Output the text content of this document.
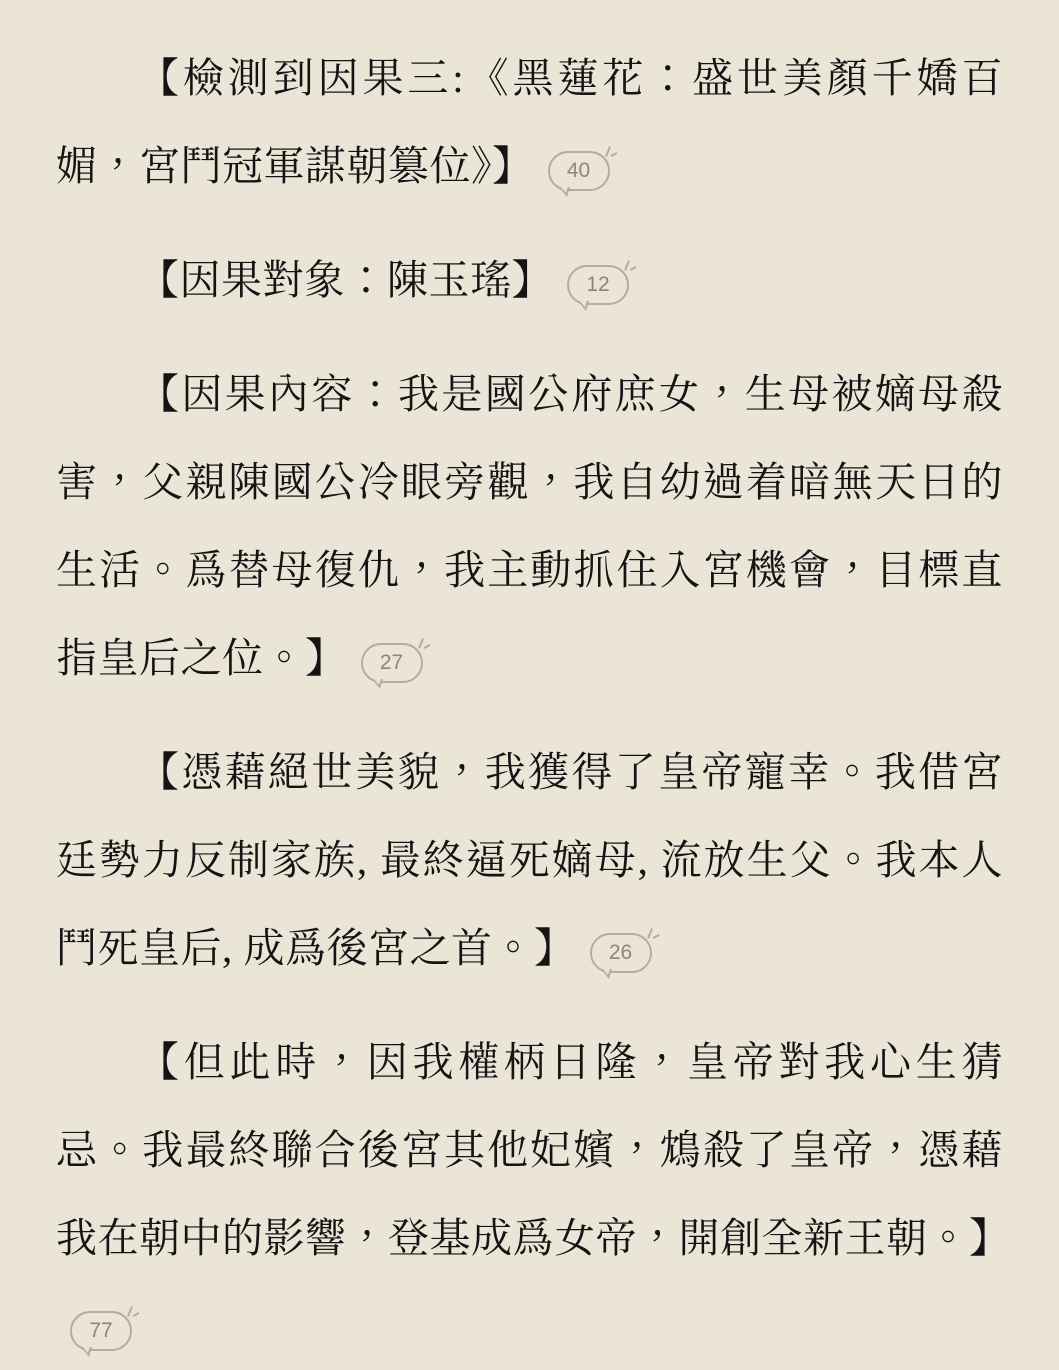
【檢測到因果三:《黑蓮花：盛世美顏千嬌百媚，宮鬥冠軍謀朝篡位》】 40

【因果對象：陳玉瑤】 12

【因果內容：我是國公府庶女，生母被嫡母殺害，父親陳國公冷眼旁觀，我自幼過着暗無天日的生活。爲替母復仇，我主動抓住入宮機會，目標直指皇后之位。】 27

【憑藉絕世美貌，我獲得了皇帝寵幸。我借宮廷勢力反制家族, 最終逼死嫡母, 流放生父。我本人鬥死皇后, 成爲後宮之首。】 26

【但此時，因我權柄日隆，皇帝對我心生猜忌。我最終聯合後宮其他妃嬪，鴆殺了皇帝，憑藉我在朝中的影響，登基成爲女帝，開創全新王朝。】
77
